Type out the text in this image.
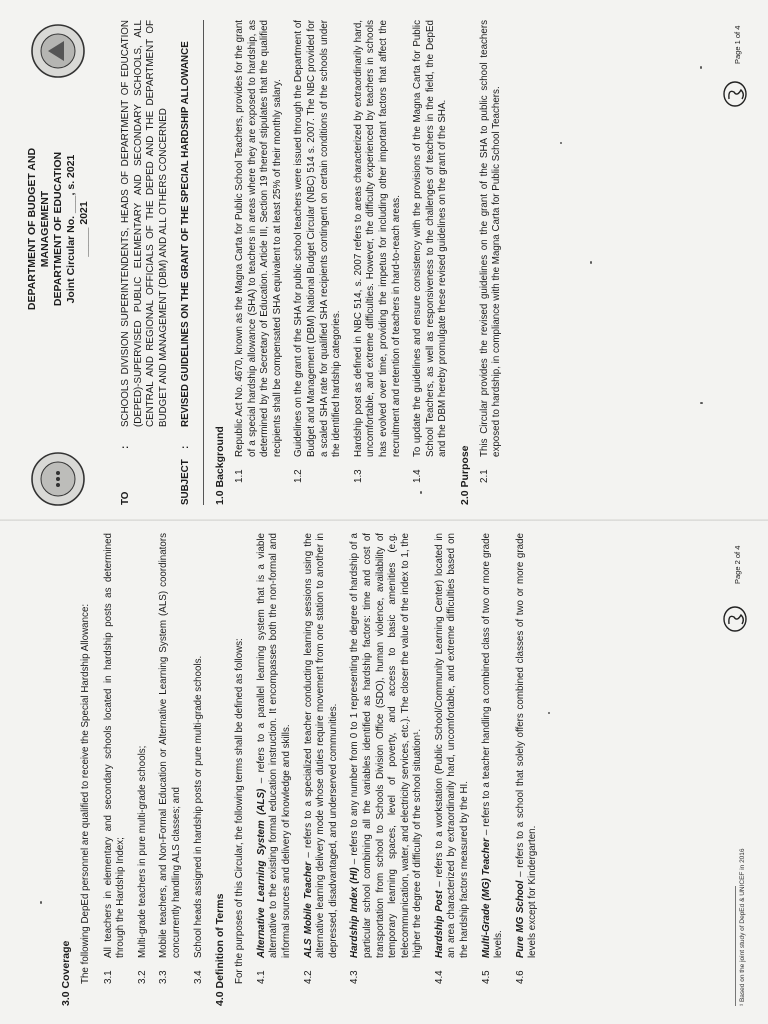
3.0 Coverage The following DepEd personnel are qualified to receive the Special Hardship Allowance: 3.1
All teachers in elementary and secondary schools located in hardship posts as determined through the Hardship Index;
3.2
Multi-grade teachers in pure multi-grade schools;
3.3
Mobile teachers, and Non-Formal Education or Alternative Learning System (ALS) coordinators concurrently handling ALS classes; and
3.4
School heads assigned in hardship posts or pure multi-grade schools. 4.0 Definition of Terms For the purposes of this Circular, the following terms shall be defined as follows: 4.1
Alternative Learning System (ALS) – refers to a parallel learning system that is a viable alternative to the existing formal education instruction. It encompasses both the non-formal and informal sources and delivery of knowledge and skills.
4.2
ALS Mobile Teacher – refers to a specialized teacher conducting learning sessions using the alternative learning delivery mode whose duties require movement from one station to another in depressed, disadvantaged, and underserved communities.
4.3
Hardship Index (HI) – refers to any number from 0 to 1 representing the degree of hardship of a particular school combining all the variables identified as hardship factors: time and cost of transportation from school to Schools Division Office (SDO), human violence, availability of temporary learning spaces, level of poverty, and access to basic amenities (e.g. telecommunication, water, and electricity services, etc.). The closer the value of the index to 1, the higher the degree of difficulty of the school situation¹.
4.4
Hardship Post – refers to a workstation (Public School/Community Learning Center) located in an area characterized by extraordinarily hard, uncomfortable, and extreme difficulties based on the hardship factors measured by the HI.
4.5
Multi-Grade (MG) Teacher – refers to a teacher handling a combined class of two or more grade levels.
4.6
Pure MG School – refers to a school that solely offers combined classes of two or more grade levels except for Kindergarten.	¹ Based on the joint study of DepEd & UNICEF in 2016
Page 2 of 4
DEPARTMENT OF BUDGET AND MANAGEMENT DEPARTMENT OF EDUCATION Joint Circular No. ___, s. 2021 _____ 2021
TO
:
SCHOOLS DIVISION SUPERINTENDENTS, HEADS OF DEPARTMENT OF EDUCATION (DEPED)-SUPERVISED PUBLIC ELEMENTARY AND SECONDARY SCHOOLS, ALL CENTRAL AND REGIONAL OFFICIALS OF THE DEPED AND THE DEPARTMENT OF BUDGET AND MANAGEMENT (DBM) AND ALL OTHERS CONCERNED
SUBJECT
:
REVISED GUIDELINES ON THE GRANT OF THE SPECIAL HARDSHIP ALLOWANCE

1.0 Background 1.1
Republic Act No. 4670, known as the Magna Carta for Public School Teachers, provides for the grant of a special hardship allowance (SHA) to teachers in areas where they are exposed to hardship, as determined by the Secretary of Education. Article III, Section 19 thereof stipulates that the qualified recipients shall be compensated SHA equivalent to at least 25% of their monthly salary.
1.2
Guidelines on the grant of the SHA for public school teachers were issued through the Department of Budget and Management (DBM) National Budget Circular (NBC) 514 s. 2007. The NBC provided for a scaled SHA rate for qualified SHA recipients contingent on certain conditions of the schools under the identified hardship categories.
1.3
Hardship post as defined in NBC 514, s. 2007 refers to areas characterized by extraordinarily hard, uncomfortable, and extreme difficulties. However, the difficulty experienced by teachers in schools has evolved over time, providing the impetus for including other important factors that affect the recruitment and retention of teachers in hard-to-reach areas.
1.4
To update the guidelines and ensure consistency with the provisions of the Magna Carta for Public School Teachers, as well as responsiveness to the challenges of teachers in the field, the DepEd and the DBM hereby promulgate these revised guidelines on the grant of the SHA.

2.0 Purpose 2.1
This Circular provides the revised guidelines on the grant of the SHA to public school teachers exposed to hardship, in compliance with the Magna Carta for Public School Teachers.
Page 1 of 4
